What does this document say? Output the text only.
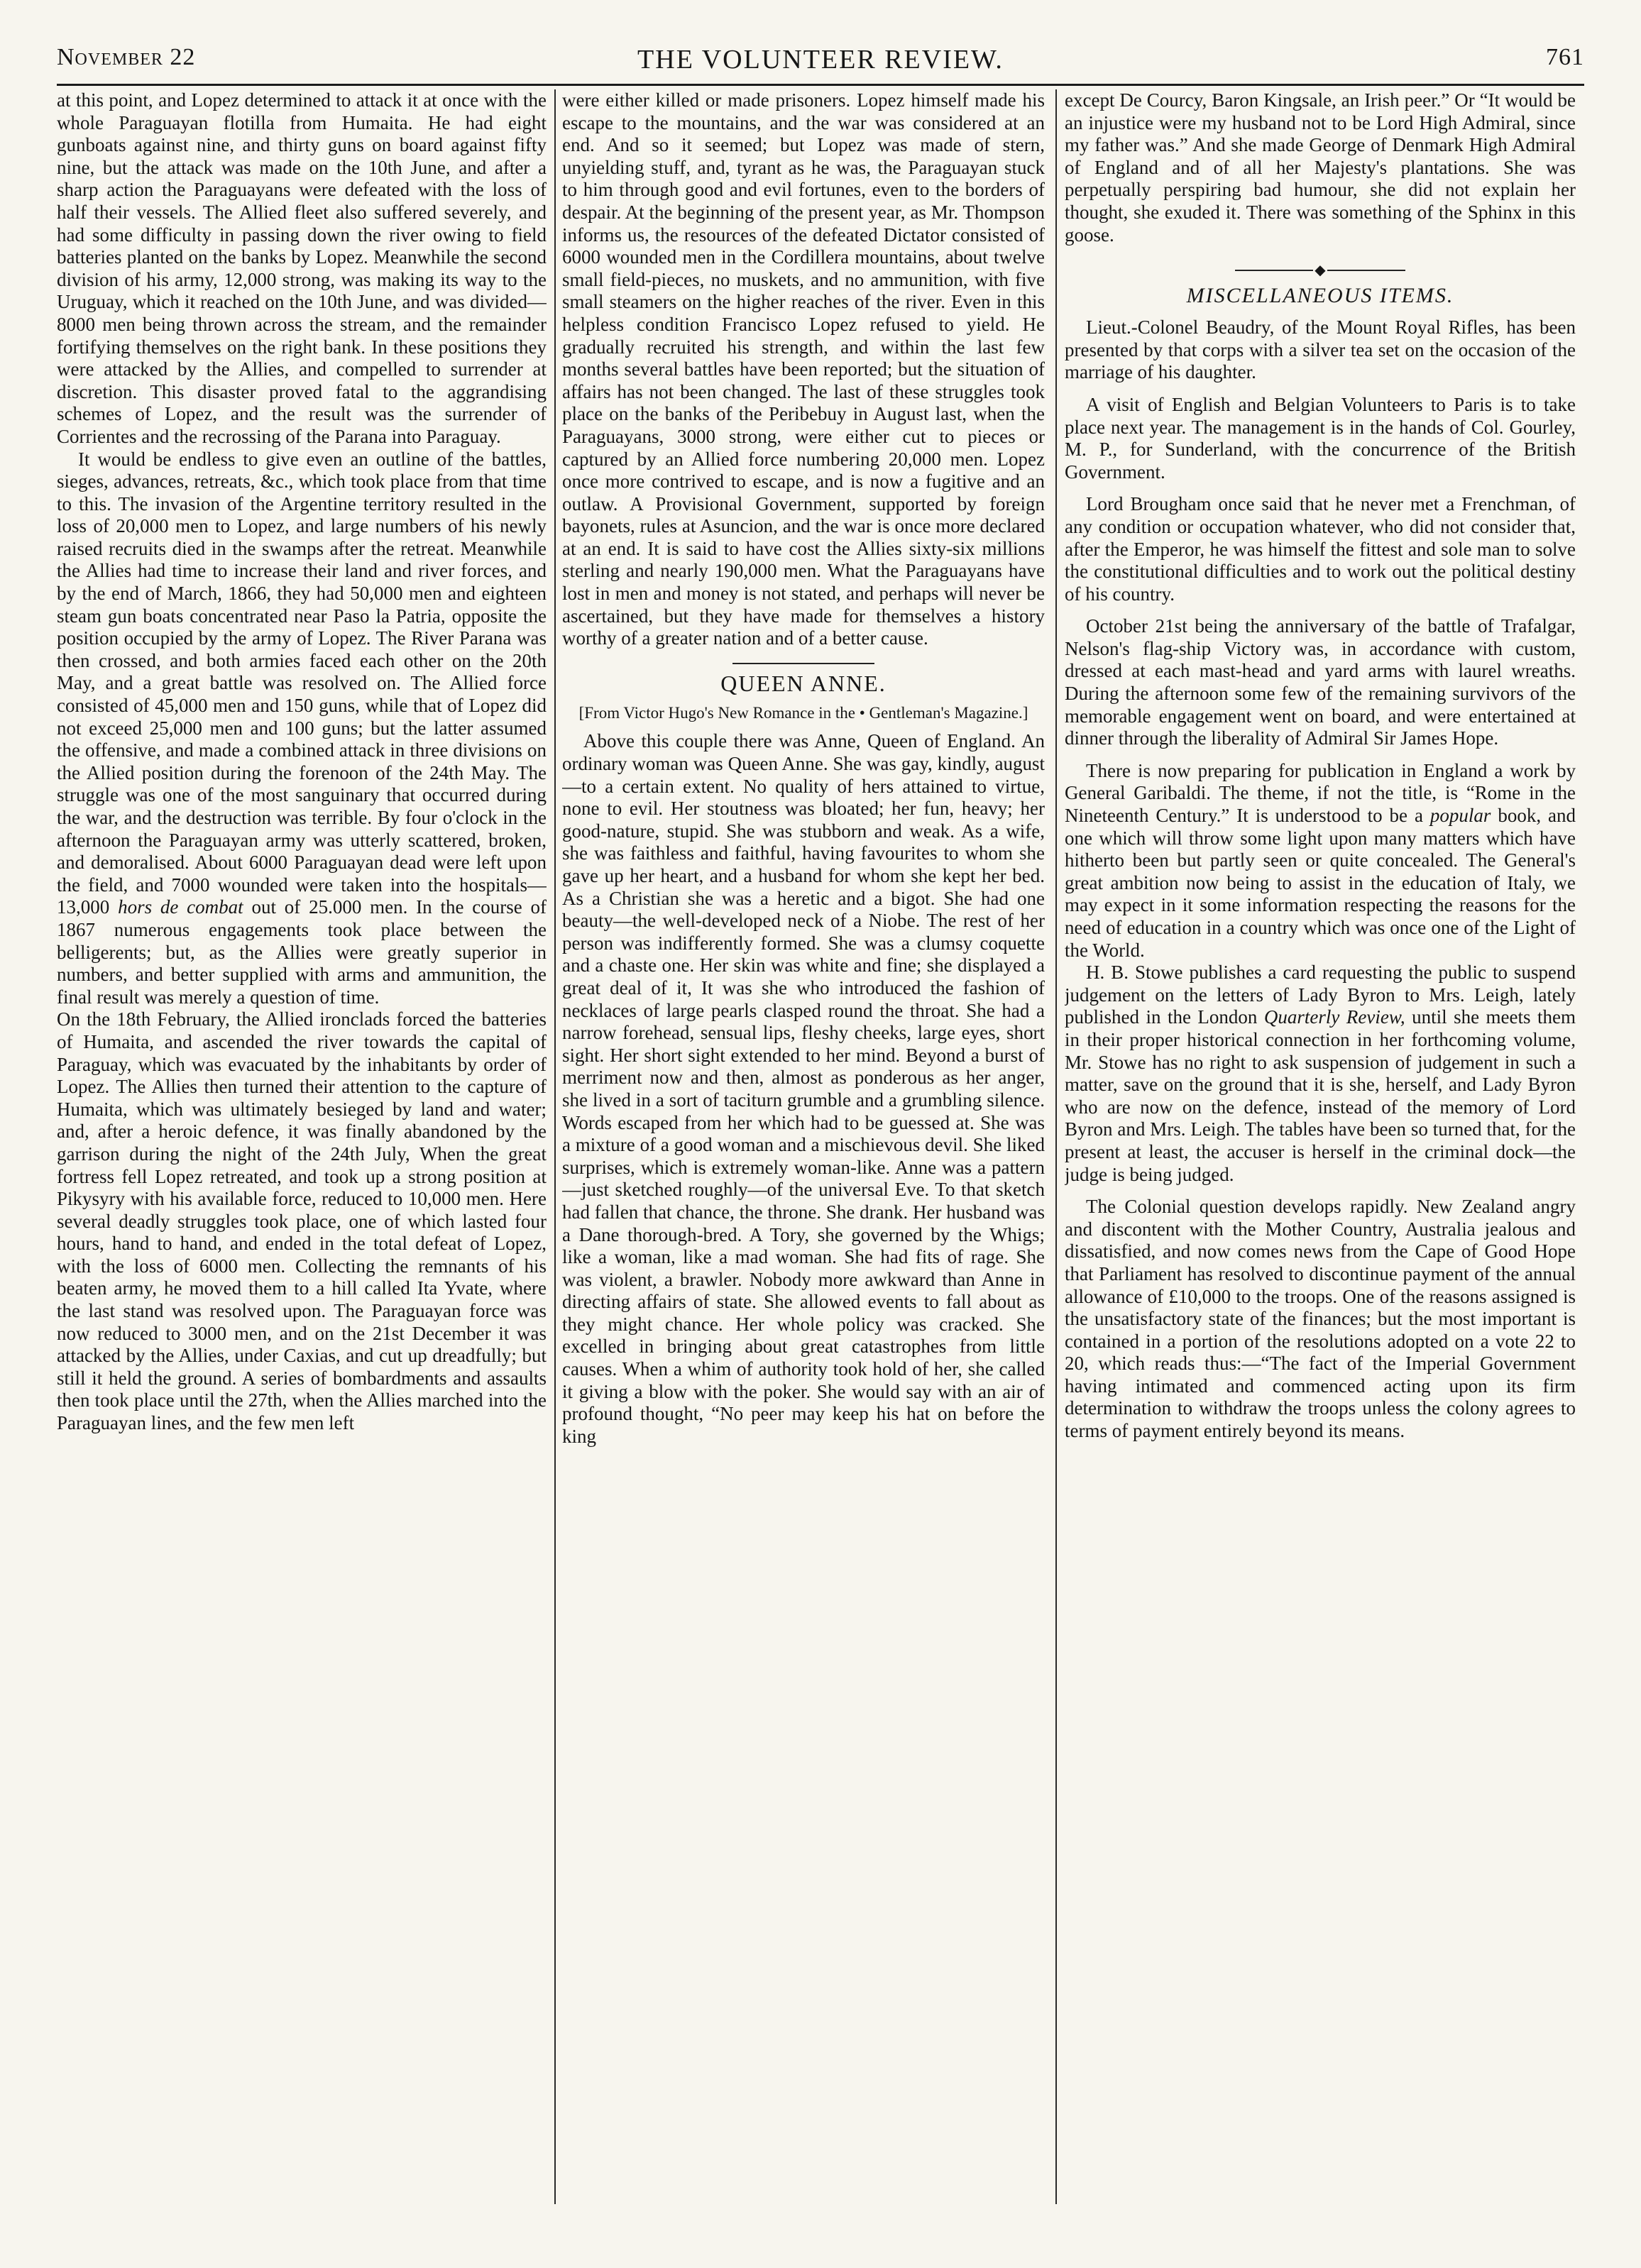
November 22	THE VOLUNTEER REVIEW.	761

at this point, and Lopez determined to attack it at once with the whole Paraguayan flotilla from Humaita. He had eight gunboats against nine, and thirty guns on board against fifty nine, but the attack was made on the 10th June, and after a sharp action the Paraguayans were defeated with the loss of half their vessels. The Allied fleet also suffered severely, and had some difficulty in passing down the river owing to field batteries planted on the banks by Lopez. Meanwhile the second division of his army, 12,000 strong, was making its way to the Uruguay, which it reached on the 10th June, and was divided—8000 men being thrown across the stream, and the remainder fortifying themselves on the right bank. In these positions they were attacked by the Allies, and compelled to surrender at discretion. This disaster proved fatal to the aggrandising schemes of Lopez, and the result was the surrender of Corrientes and the recrossing of the Parana into Paraguay.

It would be endless to give even an outline of the battles, sieges, advances, retreats, &c., which took place from that time to this. The invasion of the Argentine territory resulted in the loss of 20,000 men to Lopez, and large numbers of his newly raised recruits died in the swamps after the retreat. Meanwhile the Allies had time to increase their land and river forces, and by the end of March, 1866, they had 50,000 men and eighteen steam gun boats concentrated near Paso la Patria, opposite the position occupied by the army of Lopez. The River Parana was then crossed, and both armies faced each other on the 20th May, and a great battle was resolved on. The Allied force consisted of 45,000 men and 150 guns, while that of Lopez did not exceed 25,000 men and 100 guns; but the latter assumed the offensive, and made a combined attack in three divisions on the Allied position during the forenoon of the 24th May. The struggle was one of the most sanguinary that occurred during the war, and the destruction was terrible. By four o'clock in the afternoon the Paraguayan army was utterly scattered, broken, and demoralised. About 6000 Paraguayan dead were left upon the field, and 7000 wounded were taken into the hospitals—13,000 hors de combat out of 25.000 men. In the course of 1867 numerous engagements took place between the belligerents; but, as the Allies were greatly superior in numbers, and better supplied with arms and ammunition, the final result was merely a question of time.

On the 18th February, the Allied ironclads forced the batteries of Humaita, and ascended the river towards the capital of Paraguay, which was evacuated by the inhabitants by order of Lopez. The Allies then turned their attention to the capture of Humaita, which was ultimately besieged by land and water; and, after a heroic defence, it was finally abandoned by the garrison during the night of the 24th July, When the great fortress fell Lopez retreated, and took up a strong position at Pikysyry with his available force, reduced to 10,000 men. Here several deadly struggles took place, one of which lasted four hours, hand to hand, and ended in the total defeat of Lopez, with the loss of 6000 men. Collecting the remnants of his beaten army, he moved them to a hill called Ita Yvate, where the last stand was resolved upon. The Paraguayan force was now reduced to 3000 men, and on the 21st December it was attacked by the Allies, under Caxias, and cut up dreadfully; but still it held the ground. A series of bombardments and assaults then took place until the 27th, when the Allies marched into the Paraguayan lines, and the few men left

were either killed or made prisoners. Lopez himself made his escape to the mountains, and the war was considered at an end. And so it seemed; but Lopez was made of stern, unyielding stuff, and, tyrant as he was, the Paraguayan stuck to him through good and evil fortunes, even to the borders of despair. At the beginning of the present year, as Mr. Thompson informs us, the resources of the defeated Dictator consisted of 6000 wounded men in the Cordillera mountains, about twelve small field-pieces, no muskets, and no ammunition, with five small steamers on the higher reaches of the river. Even in this helpless condition Francisco Lopez refused to yield. He gradually recruited his strength, and within the last few months several battles have been reported; but the situation of affairs has not been changed. The last of these struggles took place on the banks of the Peribebuy in August last, when the Paraguayans, 3000 strong, were either cut to pieces or captured by an Allied force numbering 20,000 men. Lopez once more contrived to escape, and is now a fugitive and an outlaw. A Provisional Government, supported by foreign bayonets, rules at Asuncion, and the war is once more declared at an end. It is said to have cost the Allies sixty-six millions sterling and nearly 190,000 men. What the Paraguayans have lost in men and money is not stated, and perhaps will never be ascertained, but they have made for themselves a history worthy of a greater nation and of a better cause.

QUEEN ANNE.

[From Victor Hugo's New Romance in the • Gentleman's Magazine.]

Above this couple there was Anne, Queen of England. An ordinary woman was Queen Anne. She was gay, kindly, august—to a certain extent. No quality of hers attained to virtue, none to evil. Her stoutness was bloated; her fun, heavy; her good-nature, stupid. She was stubborn and weak. As a wife, she was faithless and faithful, having favourites to whom she gave up her heart, and a husband for whom she kept her bed. As a Christian she was a heretic and a bigot. She had one beauty—the well-developed neck of a Niobe. The rest of her person was indifferently formed. She was a clumsy coquette and a chaste one. Her skin was white and fine; she displayed a great deal of it, It was she who introduced the fashion of necklaces of large pearls clasped round the throat. She had a narrow forehead, sensual lips, fleshy cheeks, large eyes, short sight. Her short sight extended to her mind. Beyond a burst of merriment now and then, almost as ponderous as her anger, she lived in a sort of taciturn grumble and a grumbling silence. Words escaped from her which had to be guessed at. She was a mixture of a good woman and a mischievous devil. She liked surprises, which is extremely woman-like. Anne was a pattern—just sketched roughly—of the universal Eve. To that sketch had fallen that chance, the throne. She drank. Her husband was a Dane thorough-bred. A Tory, she governed by the Whigs; like a woman, like a mad woman. She had fits of rage. She was violent, a brawler. Nobody more awkward than Anne in directing affairs of state. She allowed events to fall about as they might chance. Her whole policy was cracked. She excelled in bringing about great catastrophes from little causes. When a whim of authority took hold of her, she called it giving a blow with the poker. She would say with an air of profound thought, “No peer may keep his hat on before the king

except De Courcy, Baron Kingsale, an Irish peer.” Or “It would be an injustice were my husband not to be Lord High Admiral, since my father was.” And she made George of Denmark High Admiral of England and of all her Majesty's plantations. She was perpetually perspiring bad humour, she did not explain her thought, she exuded it. There was something of the Sphinx in this goose.

◆

MISCELLANEOUS ITEMS.

Lieut.-Colonel Beaudry, of the Mount Royal Rifles, has been presented by that corps with a silver tea set on the occasion of the marriage of his daughter.

A visit of English and Belgian Volunteers to Paris is to take place next year. The management is in the hands of Col. Gourley, M. P., for Sunderland, with the concurrence of the British Government.

Lord Brougham once said that he never met a Frenchman, of any condition or occupation whatever, who did not consider that, after the Emperor, he was himself the fittest and sole man to solve the constitutional difficulties and to work out the political destiny of his country.

October 21st being the anniversary of the battle of Trafalgar, Nelson's flag-ship Victory was, in accordance with custom, dressed at each mast-head and yard arms with laurel wreaths. During the afternoon some few of the remaining survivors of the memorable engagement went on board, and were entertained at dinner through the liberality of Admiral Sir James Hope.

There is now preparing for publication in England a work by General Garibaldi. The theme, if not the title, is “Rome in the Nineteenth Century.” It is understood to be a popular book, and one which will throw some light upon many matters which have hitherto been but partly seen or quite concealed. The General's great ambition now being to assist in the education of Italy, we may expect in it some information respecting the reasons for the need of education in a country which was once one of the Light of the World.

H. B. Stowe publishes a card requesting the public to suspend judgement on the letters of Lady Byron to Mrs. Leigh, lately published in the London Quarterly Review, until she meets them in their proper historical connection in her forthcoming volume, Mr. Stowe has no right to ask suspension of judgement in such a matter, save on the ground that it is she, herself, and Lady Byron who are now on the defence, instead of the memory of Lord Byron and Mrs. Leigh. The tables have been so turned that, for the present at least, the accuser is herself in the criminal dock—the judge is being judged.

The Colonial question develops rapidly. New Zealand angry and discontent with the Mother Country, Australia jealous and dissatisfied, and now comes news from the Cape of Good Hope that Parliament has resolved to discontinue payment of the annual allowance of £10,000 to the troops. One of the reasons assigned is the unsatisfactory state of the finances; but the most important is contained in a portion of the resolutions adopted on a vote 22 to 20, which reads thus:—“The fact of the Imperial Government having intimated and commenced acting upon its firm determination to withdraw the troops unless the colony agrees to terms of payment entirely beyond its means.
